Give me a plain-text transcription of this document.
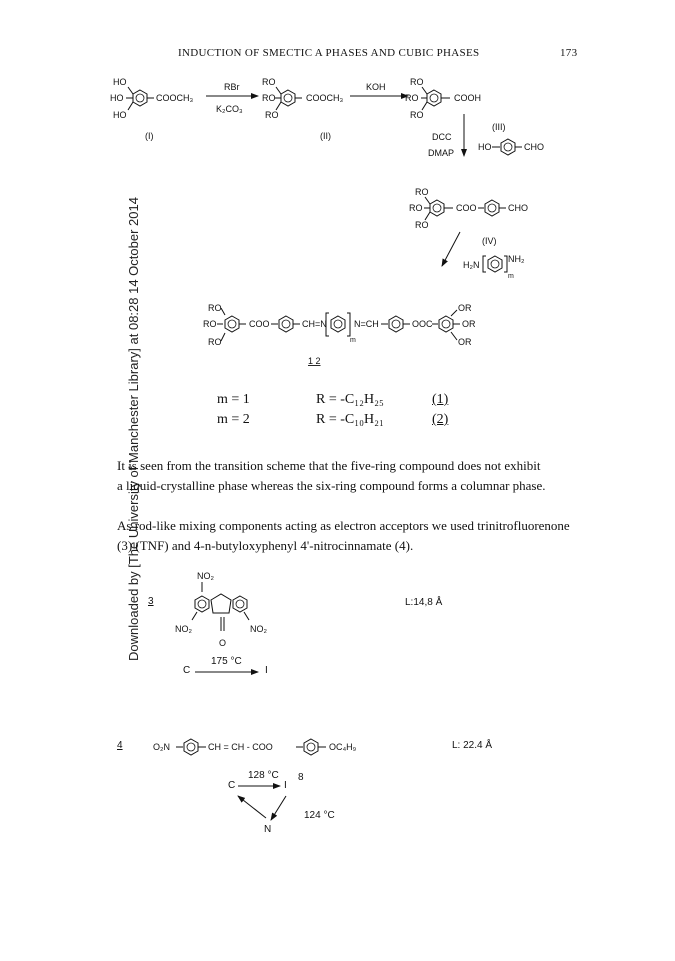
Downloaded by [The University of Manchester Library] at 08:28 14 October 2014
INDUCTION OF SMECTIC A PHASES AND CUBIC PHASES	173
HO
HO
HO
COOCH₃
(I)
RBr
K₂CO₃
RO
RO
RO
COOCH₃
(II)
KOH	RO
RO
RO
COOH
DCC
DMAP
(III)
HO	CHO
RO
RO
RO
COO	CHO
(IV)
H₂N
NH₂
m
RO
RO
RO
COO	CH=N
m
N=CH	OOC
OR
OR
OR
1 2
NO₂
NO₂	NO₂
O
O₂N	CH = CH - COO	OC₄H₉
m = 1	R = -C₁₂H₂₅	(1)
m = 2	R = -C₁₀H₂₁	(2)
It is seen from the transition scheme that the five-ring compound does not exhibit
a liquid-crystalline phase whereas the six-ring compound forms a columnar phase.
As rod-like mixing components acting as electron acceptors we used trinitrofluorenone
(3) (TNF) and 4-n-butyloxyphenyl 4'-nitrocinnamate (4).
3	L:14,8 Å
C
175 °C
I
4	L: 22.4 Å
128 °C
C	I
8
124 °C
N
